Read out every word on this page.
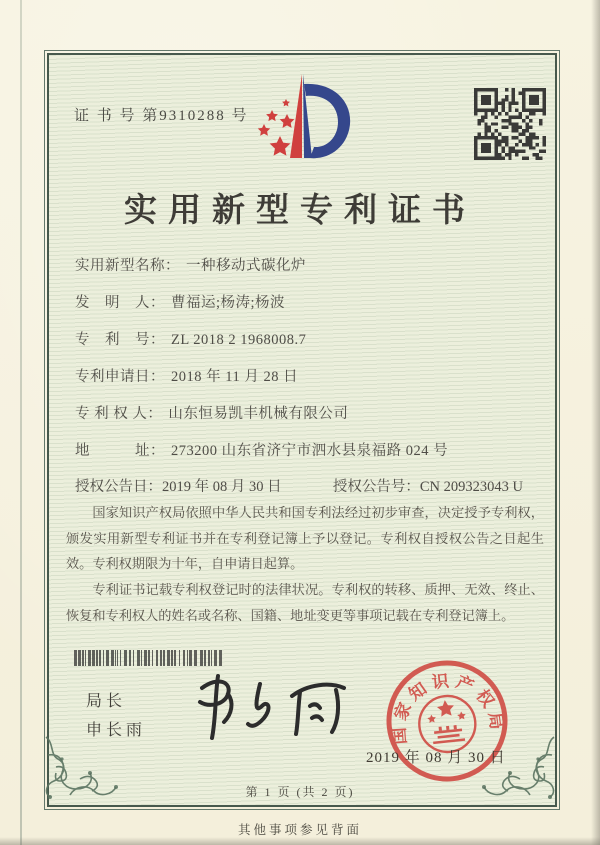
证 书 号 第9310288 号
实用新型专利证书
实用新型名称： 一种移动式碳化炉
发　明　人： 曹福运;杨涛;杨波
专　利　号： ZL 2018 2 1968008.7
专利申请日： 2018 年 11 月 28 日
专 利 权 人： 山东恒易凯丰机械有限公司
地　　　址： 273200 山东省济宁市泗水县泉福路 024 号
授权公告日：2019 年 08 月 30 日	授权公告号：CN 209323043 U

国家知识产权局依照中华人民共和国专利法经过初步审查，决定授予专利权，颁发实用新型专利证书并在专利登记簿上予以登记。专利权自授权公告之日起生效。专利权期限为十年，自申请日起算。

专利证书记载专利权登记时的法律状况。专利权的转移、质押、无效、终止、恢复和专利权人的姓名或名称、国籍、地址变更等事项记载在专利登记簿上。

局长
申长雨	国家知识产权局
2019 年 08 月 30 日
第 1 页 (共 2 页)
其他事项参见背面
